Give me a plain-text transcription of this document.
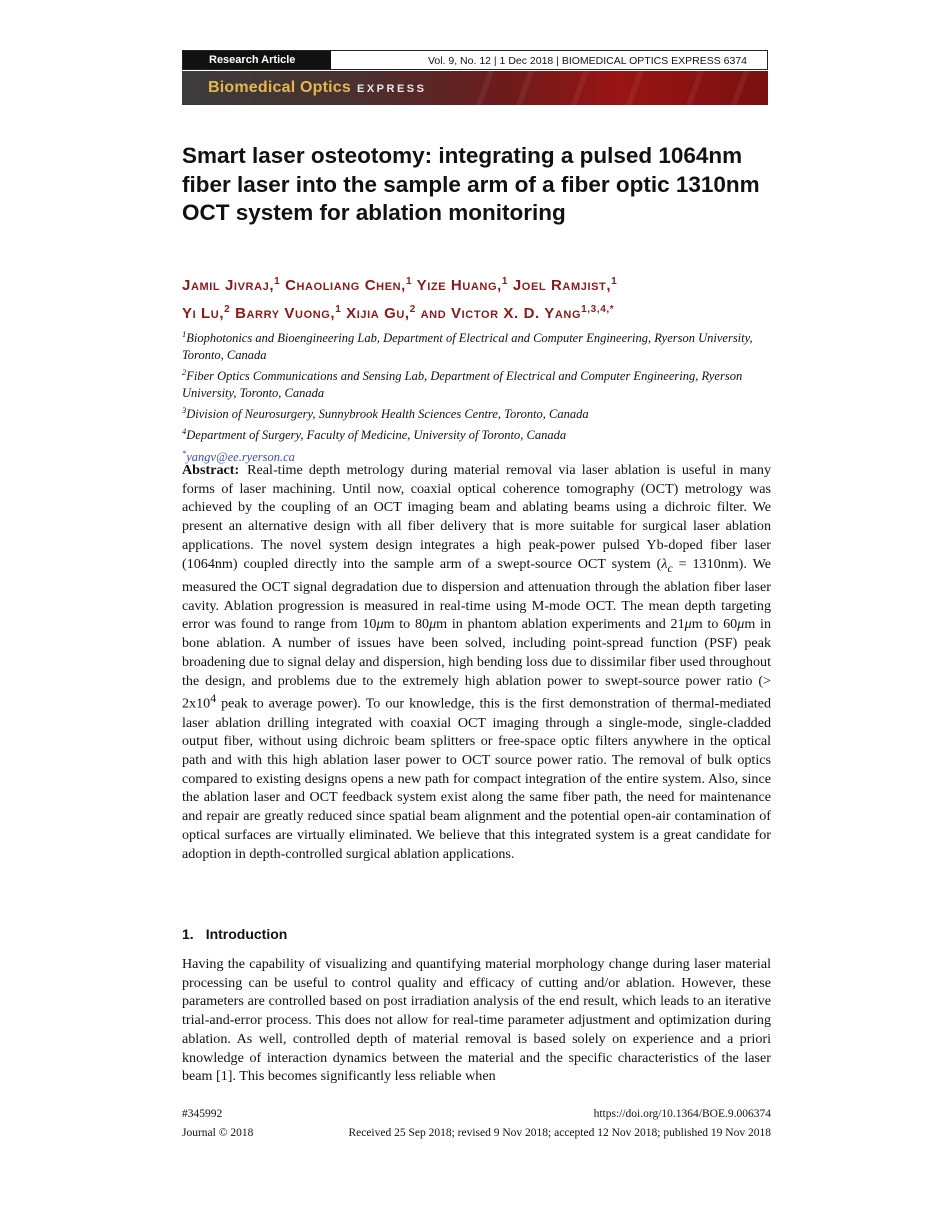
Research Article	Vol. 9, No. 12 | 1 Dec 2018 | BIOMEDICAL OPTICS EXPRESS 6374
Biomedical Optics EXPRESS
Smart laser osteotomy: integrating a pulsed 1064nm fiber laser into the sample arm of a fiber optic 1310nm OCT system for ablation monitoring
Jamil Jivraj,$^1$ Chaoliang Chen,$^1$ Yize Huang,$^1$ Joel Ramjist,$^1$
Yi Lu,$^2$ Barry Vuong,$^1$ Xijia Gu,$^2$ and Victor X. D. Yang$^{1,3,4,*}$
$^1$Biophotonics and Bioengineering Lab, Department of Electrical and Computer Engineering, Ryerson University, Toronto, Canada
$^2$Fiber Optics Communications and Sensing Lab, Department of Electrical and Computer Engineering, Ryerson University, Toronto, Canada
$^3$Division of Neurosurgery, Sunnybrook Health Sciences Centre, Toronto, Canada
$^4$Department of Surgery, Faculty of Medicine, University of Toronto, Canada
*yangv@ee.ryerson.ca
Abstract: Real-time depth metrology during material removal via laser ablation is useful in many forms of laser machining. Until now, coaxial optical coherence tomography (OCT) metrology was achieved by the coupling of an OCT imaging beam and ablating beams using a dichroic filter. We present an alternative design with all fiber delivery that is more suitable for surgical laser ablation applications. The novel system design integrates a high peak-power pulsed Yb-doped fiber laser (1064nm) coupled directly into the sample arm of a swept-source OCT system $(\lambda_c = 1310nm)$. We measured the OCT signal degradation due to dispersion and attenuation through the ablation fiber laser cavity. Ablation progression is measured in real-time using M-mode OCT. The mean depth targeting error was found to range from 10μm to 80μm in phantom ablation experiments and 21μm to 60μm in bone ablation. A number of issues have been solved, including point-spread function (PSF) peak broadening due to signal delay and dispersion, high bending loss due to dissimilar fiber used throughout the design, and problems due to the extremely high ablation power to swept-source power ratio (> $2x10^4$ peak to average power). To our knowledge, this is the first demonstration of thermal-mediated laser ablation drilling integrated with coaxial OCT imaging through a single-mode, single-cladded output fiber, without using dichroic beam splitters or free-space optic filters anywhere in the optical path and with this high ablation laser power to OCT source power ratio. The removal of bulk optics compared to existing designs opens a new path for compact integration of the entire system. Also, since the ablation laser and OCT feedback system exist along the same fiber path, the need for maintenance and repair are greatly reduced since spatial beam alignment and the potential open-air contamination of optical surfaces are virtually eliminated. We believe that this integrated system is a great candidate for adoption in depth-controlled surgical ablation applications.
1. Introduction
Having the capability of visualizing and quantifying material morphology change during laser material processing can be useful to control quality and efficacy of cutting and/or ablation. However, these parameters are controlled based on post irradiation analysis of the end result, which leads to an iterative trial-and-error process. This does not allow for real-time parameter adjustment and optimization during ablation. As well, controlled depth of material removal is based solely on experience and a priori knowledge of interaction dynamics between the material and the specific characteristics of the laser beam [1]. This becomes significantly less reliable when
#345992	https://doi.org/10.1364/BOE.9.006374
Journal © 2018	Received 25 Sep 2018; revised 9 Nov 2018; accepted 12 Nov 2018; published 19 Nov 2018
